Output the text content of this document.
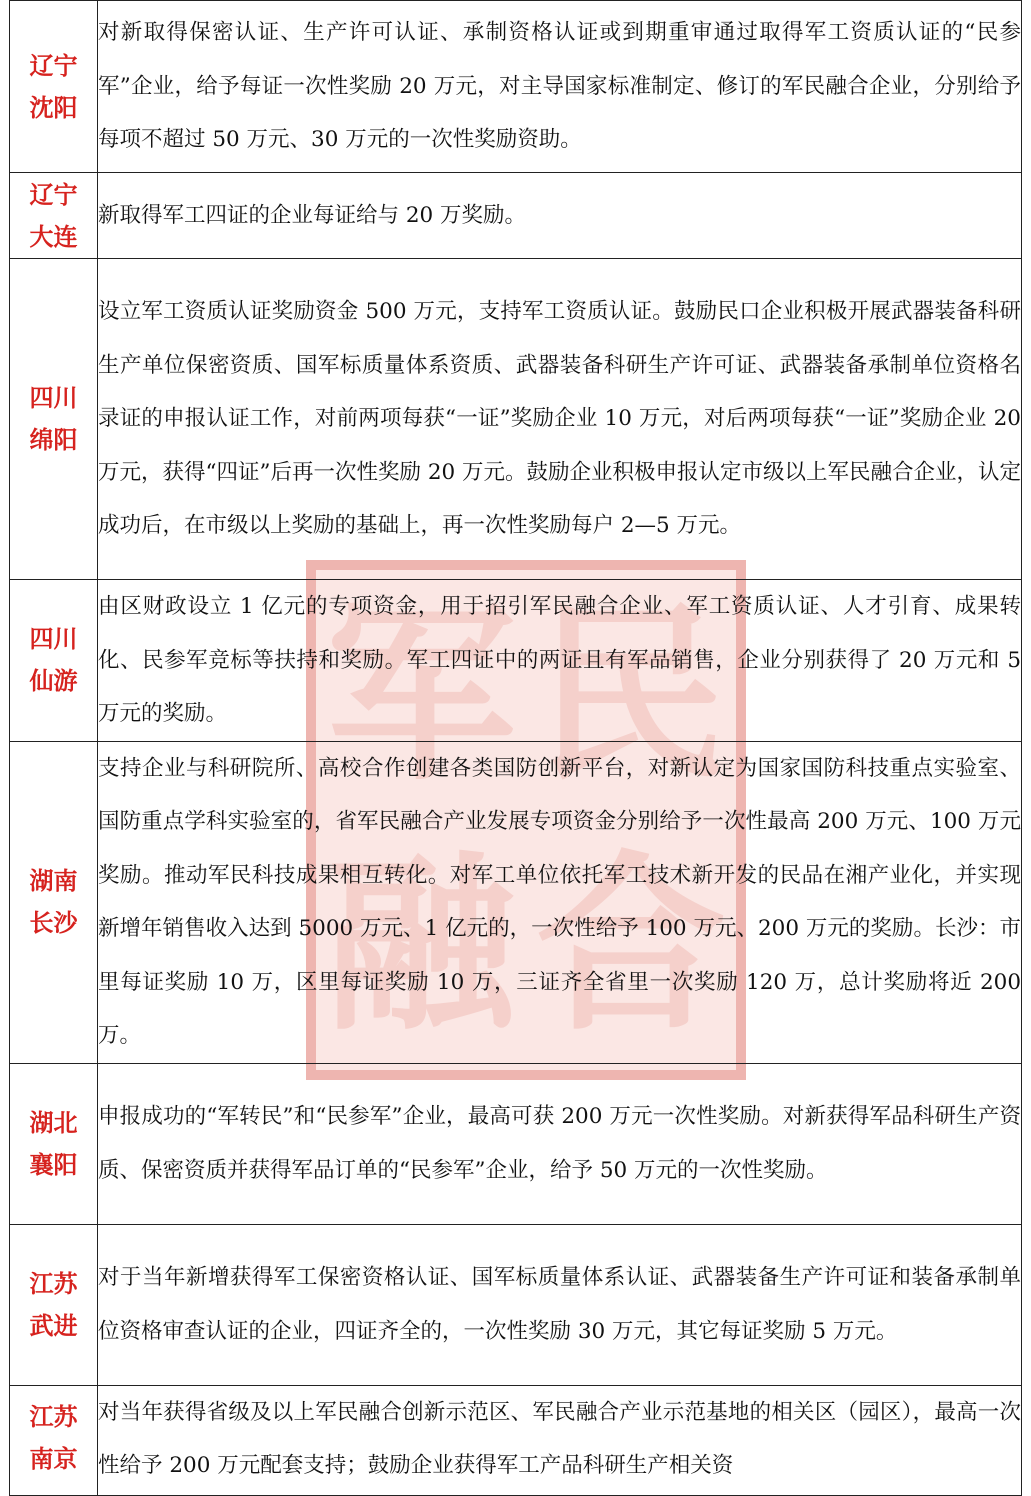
军 民
融 合
辽宁
沈阳	对新取得保密认证、生产许可认证、承制资格认证或到期重审通过取得军工资质认证的“民参军”企业，给予每证一次性奖励 20 万元，对主导国家标准制定、修订的军民融合企业，分别给予每项不超过 50 万元、30 万元的一次性奖励资助。

辽宁
大连	新取得军工四证的企业每证给与 20 万奖励。

四川
绵阳	设立军工资质认证奖励资金 500 万元，支持军工资质认证。鼓励民口企业积极开展武器装备科研生产单位保密资质、国军标质量体系资质、武器装备科研生产许可证、武器装备承制单位资格名录证的申报认证工作，对前两项每获“一证”奖励企业 10 万元，对后两项每获“一证”奖励企业 20 万元，获得“四证”后再一次性奖励 20 万元。鼓励企业积极申报认定市级以上军民融合企业，认定成功后，在市级以上奖励的基础上，再一次性奖励每户 2—5 万元。

四川
仙游	由区财政设立 1 亿元的专项资金，用于招引军民融合企业、军工资质认证、人才引育、成果转化、民参军竞标等扶持和奖励。军工四证中的两证且有军品销售，企业分别获得了 20 万元和 5 万元的奖励。

湖南
长沙	支持企业与科研院所、高校合作创建各类国防创新平台，对新认定为国家国防科技重点实验室、国防重点学科实验室的，省军民融合产业发展专项资金分别给予一次性最高 200 万元、100 万元奖励。推动军民科技成果相互转化。对军工单位依托军工技术新开发的民品在湘产业化，并实现新增年销售收入达到 5000 万元、1 亿元的，一次性给予 100 万元、200 万元的奖励。长沙：市里每证奖励 10 万，区里每证奖励 10 万，三证齐全省里一次奖励 120 万，总计奖励将近 200 万。

湖北
襄阳	申报成功的“军转民”和“民参军”企业，最高可获 200 万元一次性奖励。对新获得军品科研生产资质、保密资质并获得军品订单的“民参军”企业，给予 50 万元的一次性奖励。

江苏
武进	对于当年新增获得军工保密资格认证、国军标质量体系认证、武器装备生产许可证和装备承制单位资格审查认证的企业，四证齐全的，一次性奖励 30 万元，其它每证奖励 5 万元。

江苏
南京	对当年获得省级及以上军民融合创新示范区、军民融合产业示范基地的相关区（园区），最高一次性给予 200 万元配套支持；鼓励企业获得军工产品科研生产相关资
